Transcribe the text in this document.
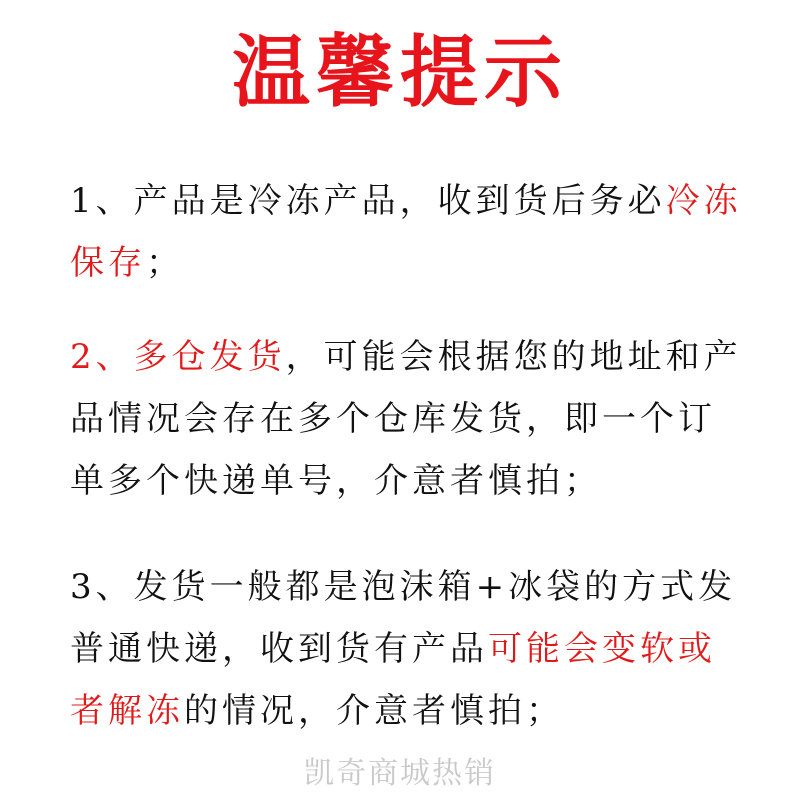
温馨提示

1、产品是冷冻产品，收到货后务必冷冻保存；

2、多仓发货，可能会根据您的地址和产品情况会存在多个仓库发货，即一个订单多个快递单号，介意者慎拍；

3、发货一般都是泡沫箱+冰袋的方式发普通快递，收到货有产品可能会变软或者解冻的情况，介意者慎拍；

凯奇商城热销
